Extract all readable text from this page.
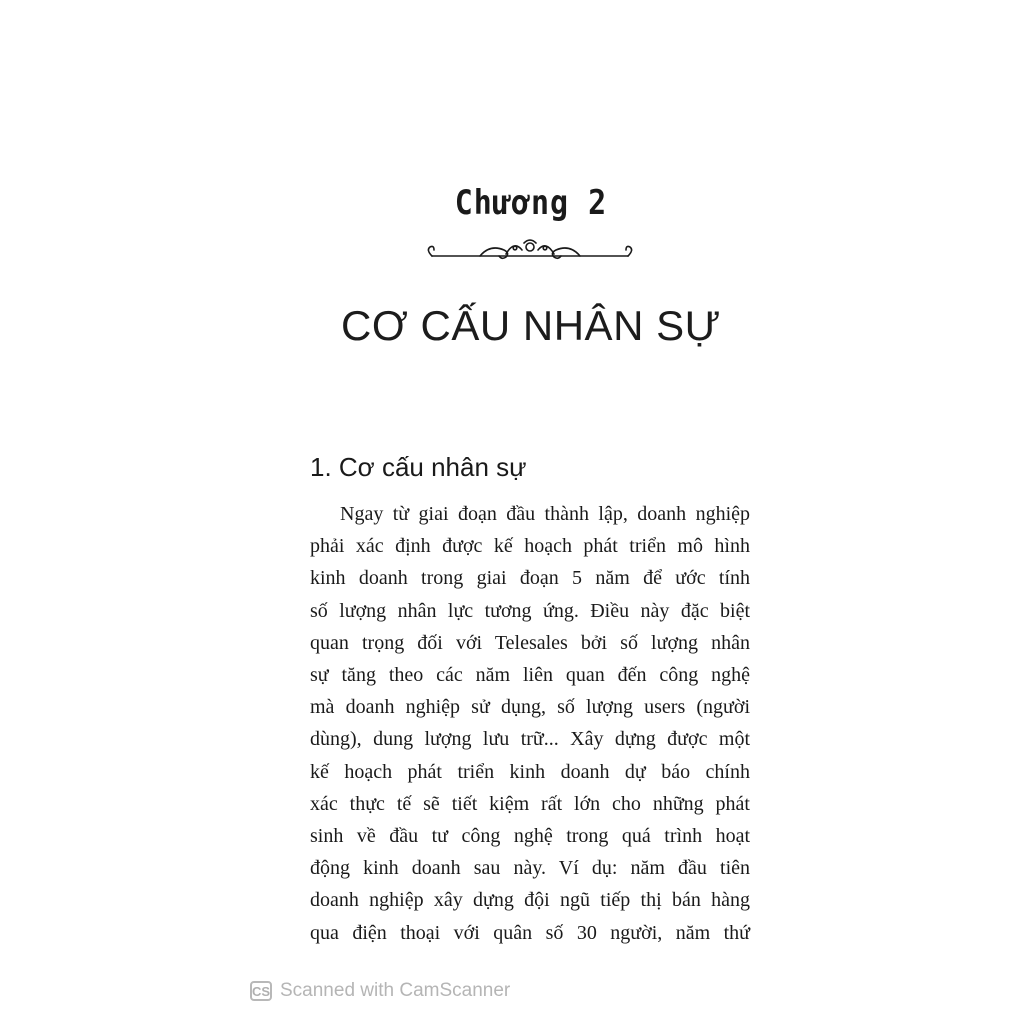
Chương 2
CƠ CẤU NHÂN SỰ
1. Cơ cấu nhân sự
Ngay từ giai đoạn đầu thành lập, doanh nghiệp
phải xác định được kế hoạch phát triển mô hình
kinh doanh trong giai đoạn 5 năm để ước tính
số lượng nhân lực tương ứng. Điều này đặc biệt
quan trọng đối với Telesales bởi số lượng nhân
sự tăng theo các năm liên quan đến công nghệ
mà doanh nghiệp sử dụng, số lượng users (người
dùng), dung lượng lưu trữ... Xây dựng được một
kế hoạch phát triển kinh doanh dự báo chính
xác thực tế sẽ tiết kiệm rất lớn cho những phát
sinh về đầu tư công nghệ trong quá trình hoạt
động kinh doanh sau này. Ví dụ: năm đầu tiên
doanh nghiệp xây dựng đội ngũ tiếp thị bán hàng
qua điện thoại với quân số 30 người, năm thứ
CS Scanned with CamScanner
